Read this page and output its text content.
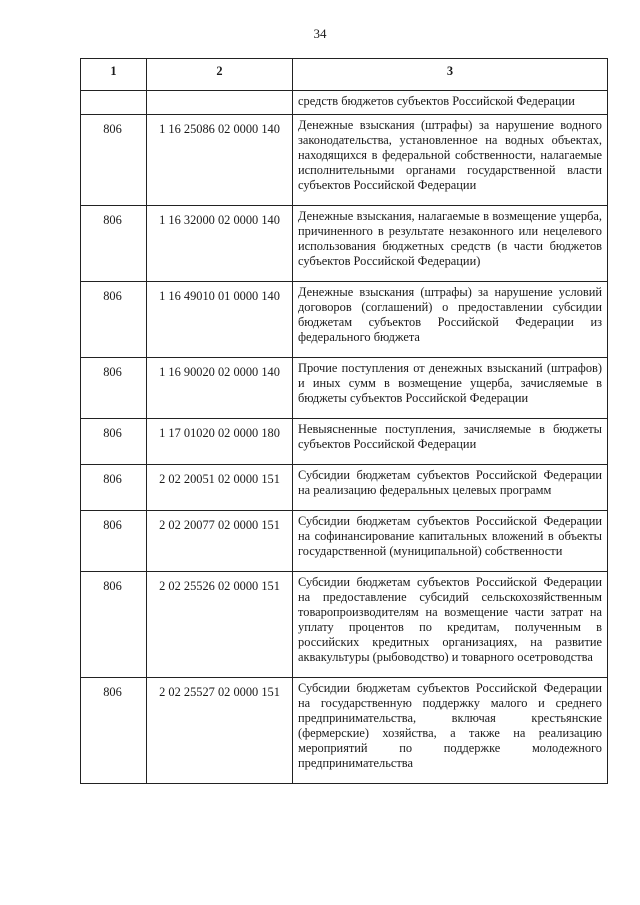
34
1	2	3
		средств бюджетов субъектов Российской Федерации
806	1 16 25086 02 0000 140	Денежные взыскания (штрафы) за нарушение водного законодательства, установленное на водных объектах, находящихся в федеральной собственности, налагаемые исполнительными органами государственной власти субъектов Российской Федерации
806	1 16 32000 02 0000 140	Денежные взыскания, налагаемые в возмещение ущерба, причиненного в результате незаконного или нецелевого использования бюджетных средств (в части бюджетов субъектов Российской Федерации)
806	1 16 49010 01 0000 140	Денежные взыскания (штрафы) за нарушение условий договоров (соглашений) о предоставлении субсидии бюджетам субъектов Российской Федерации из федерального бюджета
806	1 16 90020 02 0000 140	Прочие поступления от денежных взысканий (штрафов) и иных сумм в возмещение ущерба, зачисляемые в бюджеты субъектов Российской Федерации
806	1 17 01020 02 0000 180	Невыясненные поступления, зачисляемые в бюджеты субъектов Российской Федерации
806	2 02 20051 02 0000 151	Субсидии бюджетам субъектов Российской Федерации на реализацию федеральных целевых программ
806	2 02 20077 02 0000 151	Субсидии бюджетам субъектов Российской Федерации на софинансирование капитальных вложений в объекты государственной (муниципальной) собственности
806	2 02 25526 02 0000 151	Субсидии бюджетам субъектов Российской Федерации на предоставление субсидий сельскохозяйственным товаропроизводителям на возмещение части затрат на уплату процентов по кредитам, полученным в российских кредитных организациях, на развитие аквакультуры (рыбоводство) и товарного осетроводства
806	2 02 25527 02 0000 151	Субсидии бюджетам субъектов Российской Федерации на государственную поддержку малого и среднего предпринимательства, включая крестьянские (фермерские) хозяйства, а также на реализацию мероприятий по поддержке молодежного предпринимательства
